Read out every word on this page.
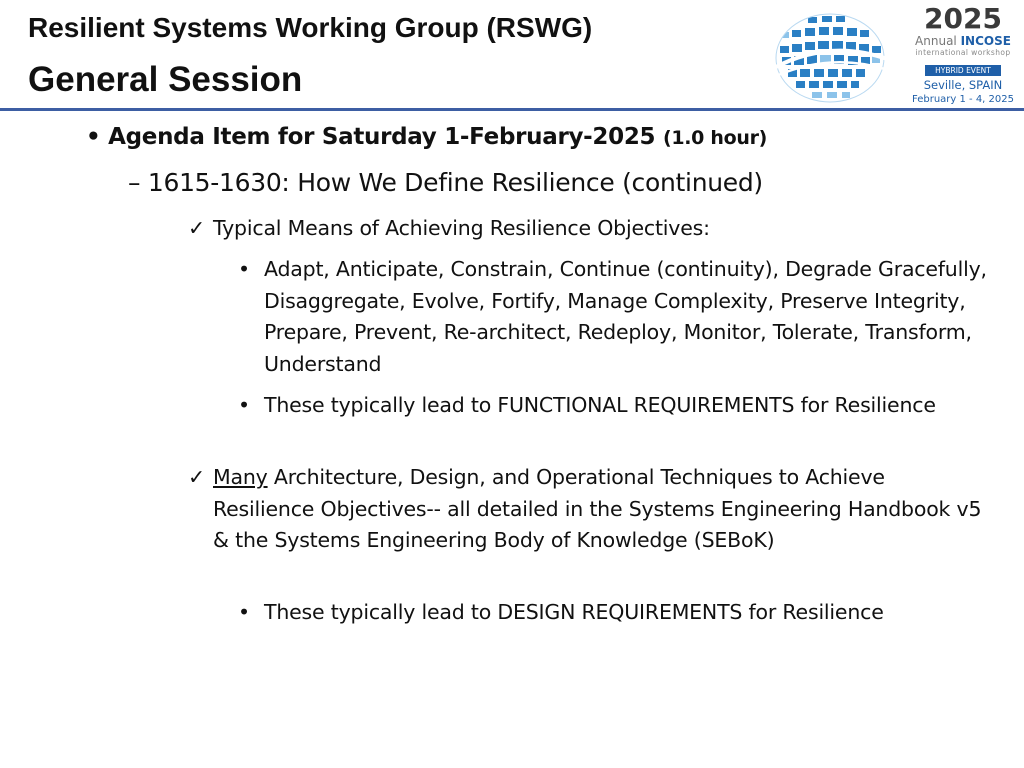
Resilient Systems Working Group (RSWG)
General Session
2025
Annual INCOSE
international workshop
HYBRID EVENT
Seville, SPAIN
February 1 - 4, 2025
• Agenda Item for Saturday 1-February-2025 (1.0 hour)
– 1615-1630: How We Define Resilience (continued)
✓ Typical Means of Achieving Resilience Objectives:
• Adapt, Anticipate, Constrain, Continue (continuity), Degrade Gracefully, Disaggregate, Evolve, Fortify, Manage Complexity, Preserve Integrity, Prepare, Prevent, Re-architect, Redeploy, Monitor, Tolerate, Transform, Understand
• These typically lead to FUNCTIONAL REQUIREMENTS for Resilience
✓ Many Architecture, Design, and Operational Techniques to Achieve Resilience Objectives-- all detailed in the Systems Engineering Handbook v5 & the Systems Engineering Body of Knowledge (SEBoK)
• These typically lead to DESIGN REQUIREMENTS for Resilience
